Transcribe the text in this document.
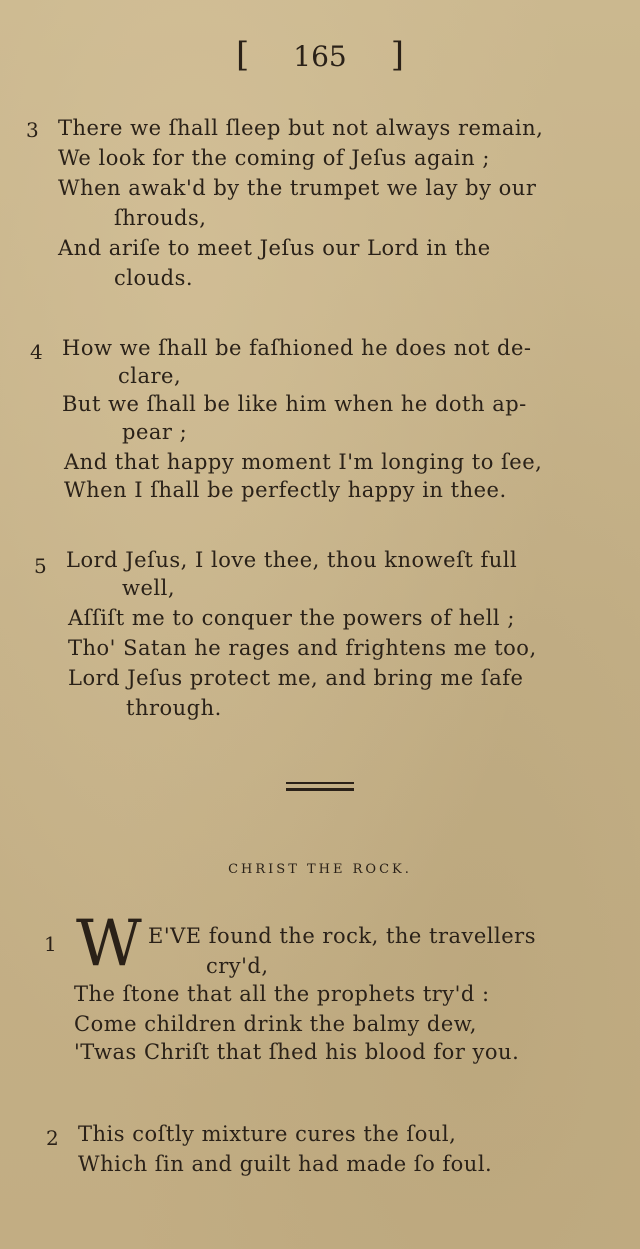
[ 165 ]
3 There we ſhall ſleep but not always remain,
We look for the coming of Jeſus again ;
When awak'd by the trumpet we lay by our
ſhrouds,
And ariſe to meet Jeſus our Lord in the
clouds.
4 How we ſhall be faſhioned he does not de-
clare,
But we ſhall be like him when he doth ap-
pear ;
And that happy moment I'm longing to ſee,
When I ſhall be perfectly happy in thee.
5 Lord Jeſus, I love thee, thou knoweſt full
well,
Aſſiſt me to conquer the powers of hell ;
Tho' Satan he rages and frightens me too,
Lord Jeſus protect me, and bring me ſafe
through.
CHRIST THE ROCK.
1 W E'VE found the rock, the travellers
cry'd,
The ſtone that all the prophets try'd :
Come children drink the balmy dew,
'Twas Chriſt that ſhed his blood for you.
2 This coſtly mixture cures the ſoul,
Which ſin and guilt had made ſo foul.
